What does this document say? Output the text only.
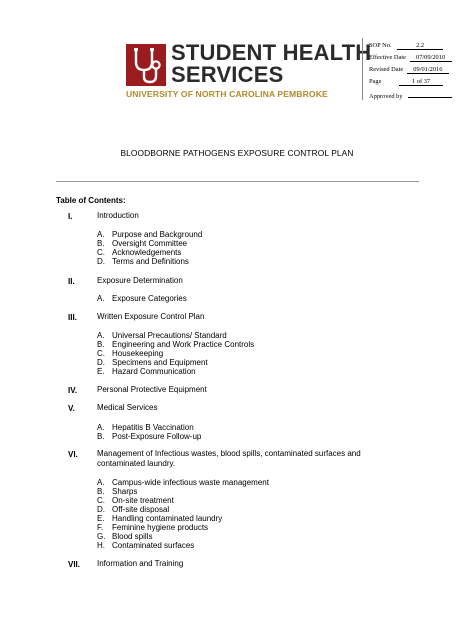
STUDENT HEALTH
SERVICES
UNIVERSITY OF NORTH CAROLINA PEMBROKE
SOP No.	2.2
Effective Date 07/09/2010
Revised Date 09/01/2016
Page	1 of 37
Approved by
BLOODBORNE PATHOGENS EXPOSURE CONTROL PLAN
Table of Contents:
I.	Introduction
A. Purpose and Background
B. Oversight Committee
C. Acknowledgements
D. Terms and Definitions
II.	Exposure Determination
A. Exposure Categories
III.	Written Exposure Control Plan
A. Universal Precautions/ Standard
B. Engineering and Work Practice Controls
C. Housekeeping
D. Specimens and Equipment
E. Hazard Communication
IV. Personal Protective Equipment
V.	Medical Services
A. Hepatitis B Vaccination
B. Post-Exposure Follow-up
VI. Management of Infectious wastes, blood spills, contaminated surfaces and contaminated laundry.
A. Campus-wide infectious waste management
B. Sharps
C. On-site treatment
D. Off-site disposal
E. Handling contaminated laundry
F. Feminine hygiene products
G. Blood spills
H. Contaminated surfaces
VII. Information and Training
